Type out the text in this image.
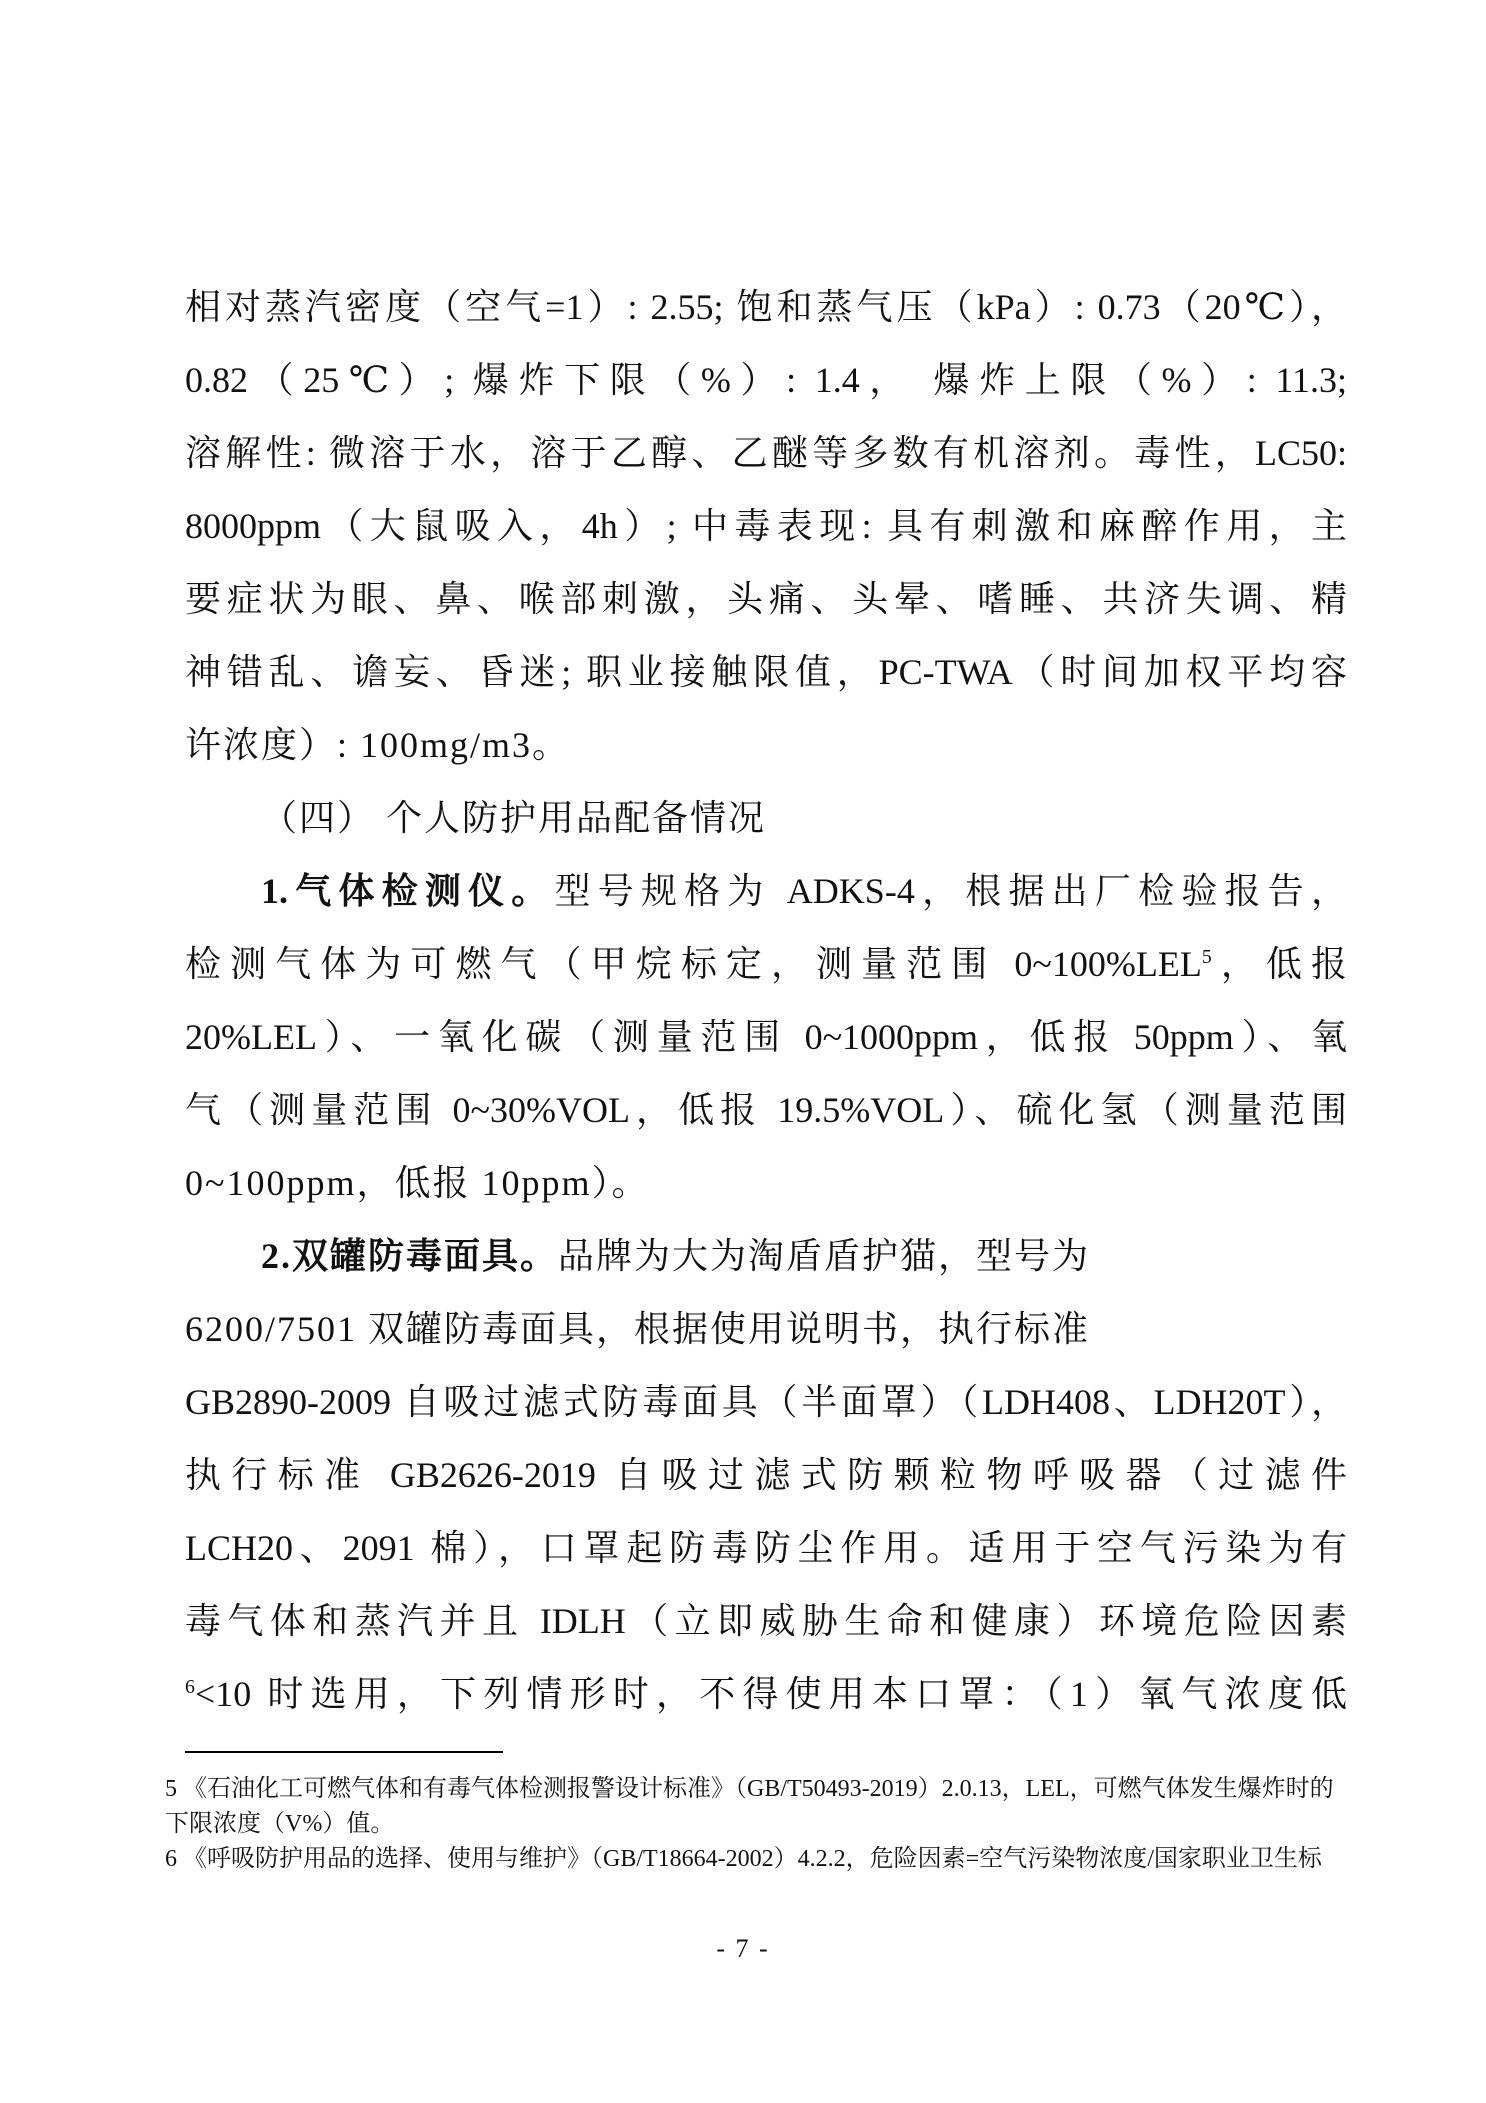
相对蒸汽密度（空气=1）: 2.55; 饱和蒸气压（kPa）: 0.73（20℃），
0.82（25℃）; 爆炸下限（%）: 1.4， 爆炸上限（%）: 11.3;
溶解性: 微溶于水，溶于乙醇、乙醚等多数有机溶剂。毒性，LC50:
8000ppm（大鼠吸入，4h）; 中毒表现: 具有刺激和麻醉作用，主
要症状为眼、鼻、喉部刺激，头痛、头晕、嗜睡、共济失调、精
神错乱、谵妄、昏迷; 职业接触限值，PC-TWA（时间加权平均容
许浓度）: 100mg/m3。
（四） 个人防护用品配备情况
1.气体检测仪。型号规格为 ADKS-4，根据出厂检验报告，
检测气体为可燃气（甲烷标定，测量范围 0~100%LEL$^5$，低报
20%LEL）、一氧化碳（测量范围 0~1000ppm，低报 50ppm）、氧
气（测量范围 0~30%VOL，低报 19.5%VOL）、硫化氢（测量范围
0~100ppm，低报 10ppm）。
2.双罐防毒面具。品牌为大为淘盾盾护猫，型号为
6200/7501 双罐防毒面具，根据使用说明书，执行标准
GB2890-2009 自吸过滤式防毒面具（半面罩）（LDH408、LDH20T），
执行标准 GB2626-2019 自吸过滤式防颗粒物呼吸器（过滤件
LCH20、2091 棉），口罩起防毒防尘作用。适用于空气污染为有
毒气体和蒸汽并且 IDLH（立即威胁生命和健康）环境危险因素
$^6$<10 时选用，下列情形时，不得使用本口罩：（1）氧气浓度低
5 《石油化工可燃气体和有毒气体检测报警设计标准》（GB/T50493-2019）2.0.13，LEL，可燃气体发生爆炸时的
下限浓度（V%）值。
6 《呼吸防护用品的选择、使用与维护》（GB/T18664-2002）4.2.2，危险因素=空气污染物浓度/国家职业卫生标
- 7 -
